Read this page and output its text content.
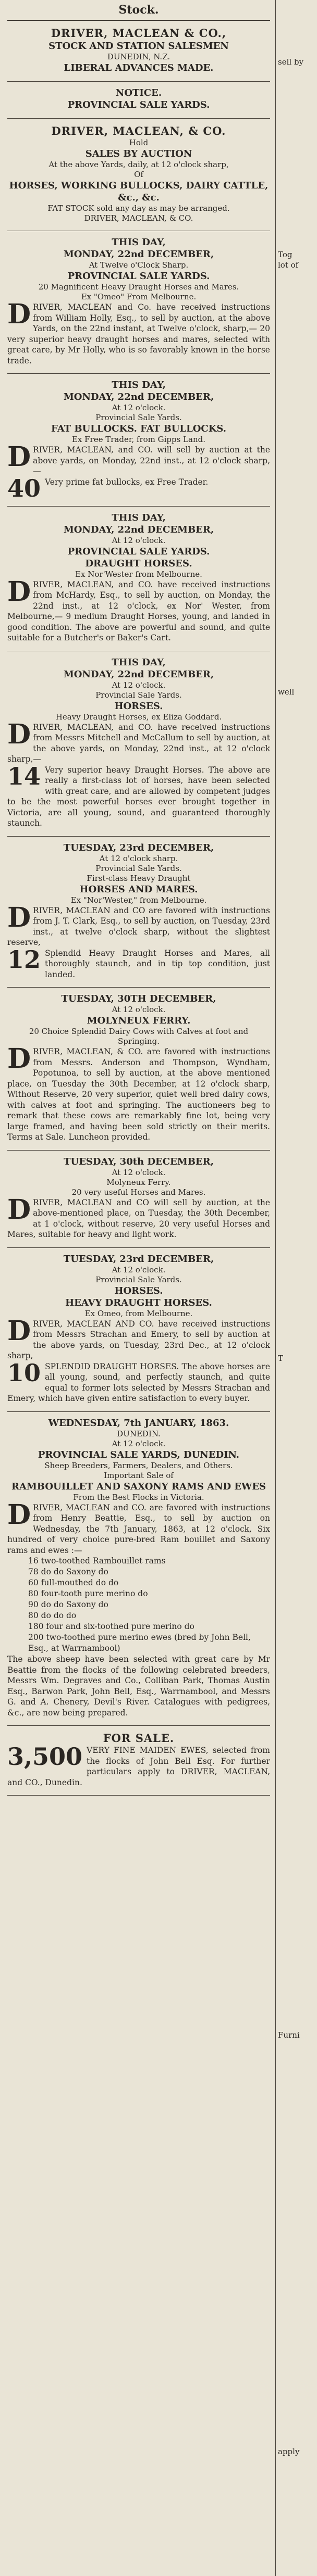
Stock.
DRIVER, MACLEAN & CO.,
STOCK AND STATION SALESMEN
DUNEDIN, N.Z.
LIBERAL ADVANCES MADE.
NOTICE.
PROVINCIAL SALE YARDS.
DRIVER, MACLEAN, & CO.
Hold
SALES BY AUCTION
At the above Yards, daily, at 12 o'clock sharp,
Of
HORSES, WORKING BULLOCKS, DAIRY CATTLE, &c., &c.
FAT STOCK sold any day as may be arranged.
DRIVER, MACLEAN, & CO.
THIS DAY,
MONDAY, 22nd DECEMBER,
At Twelve o'Clock Sharp.
PROVINCIAL SALE YARDS.
20 Magnificent Heavy Draught Horses and Mares.
Ex "Omeo" From Melbourne.
DRIVER, MACLEAN and Co. have received instructions from William Holly, Esq., to sell by auction, at the above Yards, on the 22nd instant, at Twelve o'clock, sharp,— 20 very superior heavy draught horses and mares, selected with great care, by Mr Holly, who is so favorably known in the horse trade.
THIS DAY,
MONDAY, 22nd DECEMBER,
At 12 o'clock.
Provincial Sale Yards.
FAT BULLOCKS. FAT BULLOCKS.
Ex Free Trader, from Gipps Land.
DRIVER, MACLEAN, and CO. will sell by auction at the above yards, on Monday, 22nd inst., at 12 o'clock sharp,—
40 Very prime fat bullocks, ex Free Trader.
THIS DAY,
MONDAY, 22nd DECEMBER,
At 12 o'clock.
PROVINCIAL SALE YARDS.
DRAUGHT HORSES.
Ex Nor'Wester from Melbourne.
DRIVER, MACLEAN, and CO. have received instructions from McHardy, Esq., to sell by auction, on Monday, the 22nd inst., at 12 o'clock, ex Nor' Wester, from Melbourne,— 9 medium Draught Horses, young, and landed in good condition. The above are powerful and sound, and quite suitable for a Butcher's or Baker's Cart.
THIS DAY,
MONDAY, 22nd DECEMBER,
At 12 o'clock.
Provincial Sale Yards.
HORSES.
Heavy Draught Horses, ex Eliza Goddard.
DRIVER, MACLEAN, and CO. have received instructions from Messrs Mitchell and McCallum to sell by auction, at the above yards, on Monday, 22nd inst., at 12 o'clock sharp,—
14 Very superior heavy Draught Horses. The above are really a first-class lot of horses, have been selected with great care, and are allowed by competent judges to be the most powerful horses ever brought together in Victoria, are all young, sound, and guaranteed thoroughly staunch.
TUESDAY, 23rd DECEMBER,
At 12 o'clock sharp.
Provincial Sale Yards.
First-class Heavy Draught
HORSES AND MARES.
Ex "Nor'Wester," from Melbourne.
DRIVER, MACLEAN and CO are favored with instructions from J. T. Clark, Esq., to sell by auction, on Tuesday, 23rd inst., at twelve o'clock sharp, without the slightest reserve,
12 Splendid Heavy Draught Horses and Mares, all thoroughly staunch, and in tip top condition, just landed.
TUESDAY, 30TH DECEMBER,
At 12 o'clock.
MOLYNEUX FERRY.
20 Choice Splendid Dairy Cows with Calves at foot and Springing.
DRIVER, MACLEAN, & CO. are favored with instructions from Messrs. Anderson and Thompson, Wyndham, Popotunoa, to sell by auction, at the above mentioned place, on Tuesday the 30th December, at 12 o'clock sharp, Without Reserve, 20 very superior, quiet well bred dairy cows, with calves at foot and springing. The auctioneers beg to remark that these cows are remarkably fine lot, being very large framed, and having been sold strictly on their merits. Terms at Sale. Luncheon provided.
TUESDAY, 30th DECEMBER,
At 12 o'clock.
Molyneux Ferry.
20 very useful Horses and Mares.
DRIVER, MACLEAN and CO will sell by auction, at the above-mentioned place, on Tuesday, the 30th December, at 1 o'clock, without reserve, 20 very useful Horses and Mares, suitable for heavy and light work.
TUESDAY, 23rd DECEMBER,
At 12 o'clock.
Provincial Sale Yards.
HORSES.
HEAVY DRAUGHT HORSES.
Ex Omeo, from Melbourne.
DRIVER, MACLEAN AND CO. have received instructions from Messrs Strachan and Emery, to sell by auction at the above yards, on Tuesday, 23rd Dec., at 12 o'clock sharp,
10 SPLENDID DRAUGHT HORSES. The above horses are all young, sound, and perfectly staunch, and quite equal to former lots selected by Messrs Strachan and Emery, which have given entire satisfaction to every buyer.
WEDNESDAY, 7th JANUARY, 1863.
DUNEDIN.
At 12 o'clock.
PROVINCIAL SALE YARDS, DUNEDIN.
Sheep Breeders, Farmers, Dealers, and Others.
Important Sale of
RAMBOUILLET AND SAXONY RAMS AND EWES
From the Best Flocks in Victoria.
DRIVER, MACLEAN and CO. are favored with instructions from Henry Beattie, Esq., to sell by auction on Wednesday, the 7th January, 1863, at 12 o'clock, Six hundred of very choice pure-bred Ram bouillet and Saxony rams and ewes :—
16 two-toothed Rambouillet rams
78 do do Saxony do
60 full-mouthed do do
80 four-tooth pure merino do
90 do do Saxony do
80 do do do
180 four and six-toothed pure merino do
200 two-toothed pure merino ewes (bred by John Bell, Esq., at Warrnambool)
The above sheep have been selected with great care by Mr Beattie from the flocks of the following celebrated breeders, Messrs Wm. Degraves and Co., Colliban Park, Thomas Austin Esq., Barwon Park, John Bell, Esq., Warrnambool, and Messrs G. and A. Chenery, Devil's River. Catalogues with pedigrees, &c., are now being prepared.
FOR SALE.
3,500 VERY FINE MAIDEN EWES, selected from the flocks of John Bell Esq. For further particulars apply to DRIVER, MACLEAN, and CO., Dunedin.
sell by
Tog
lot of
well
T
Furni
apply
